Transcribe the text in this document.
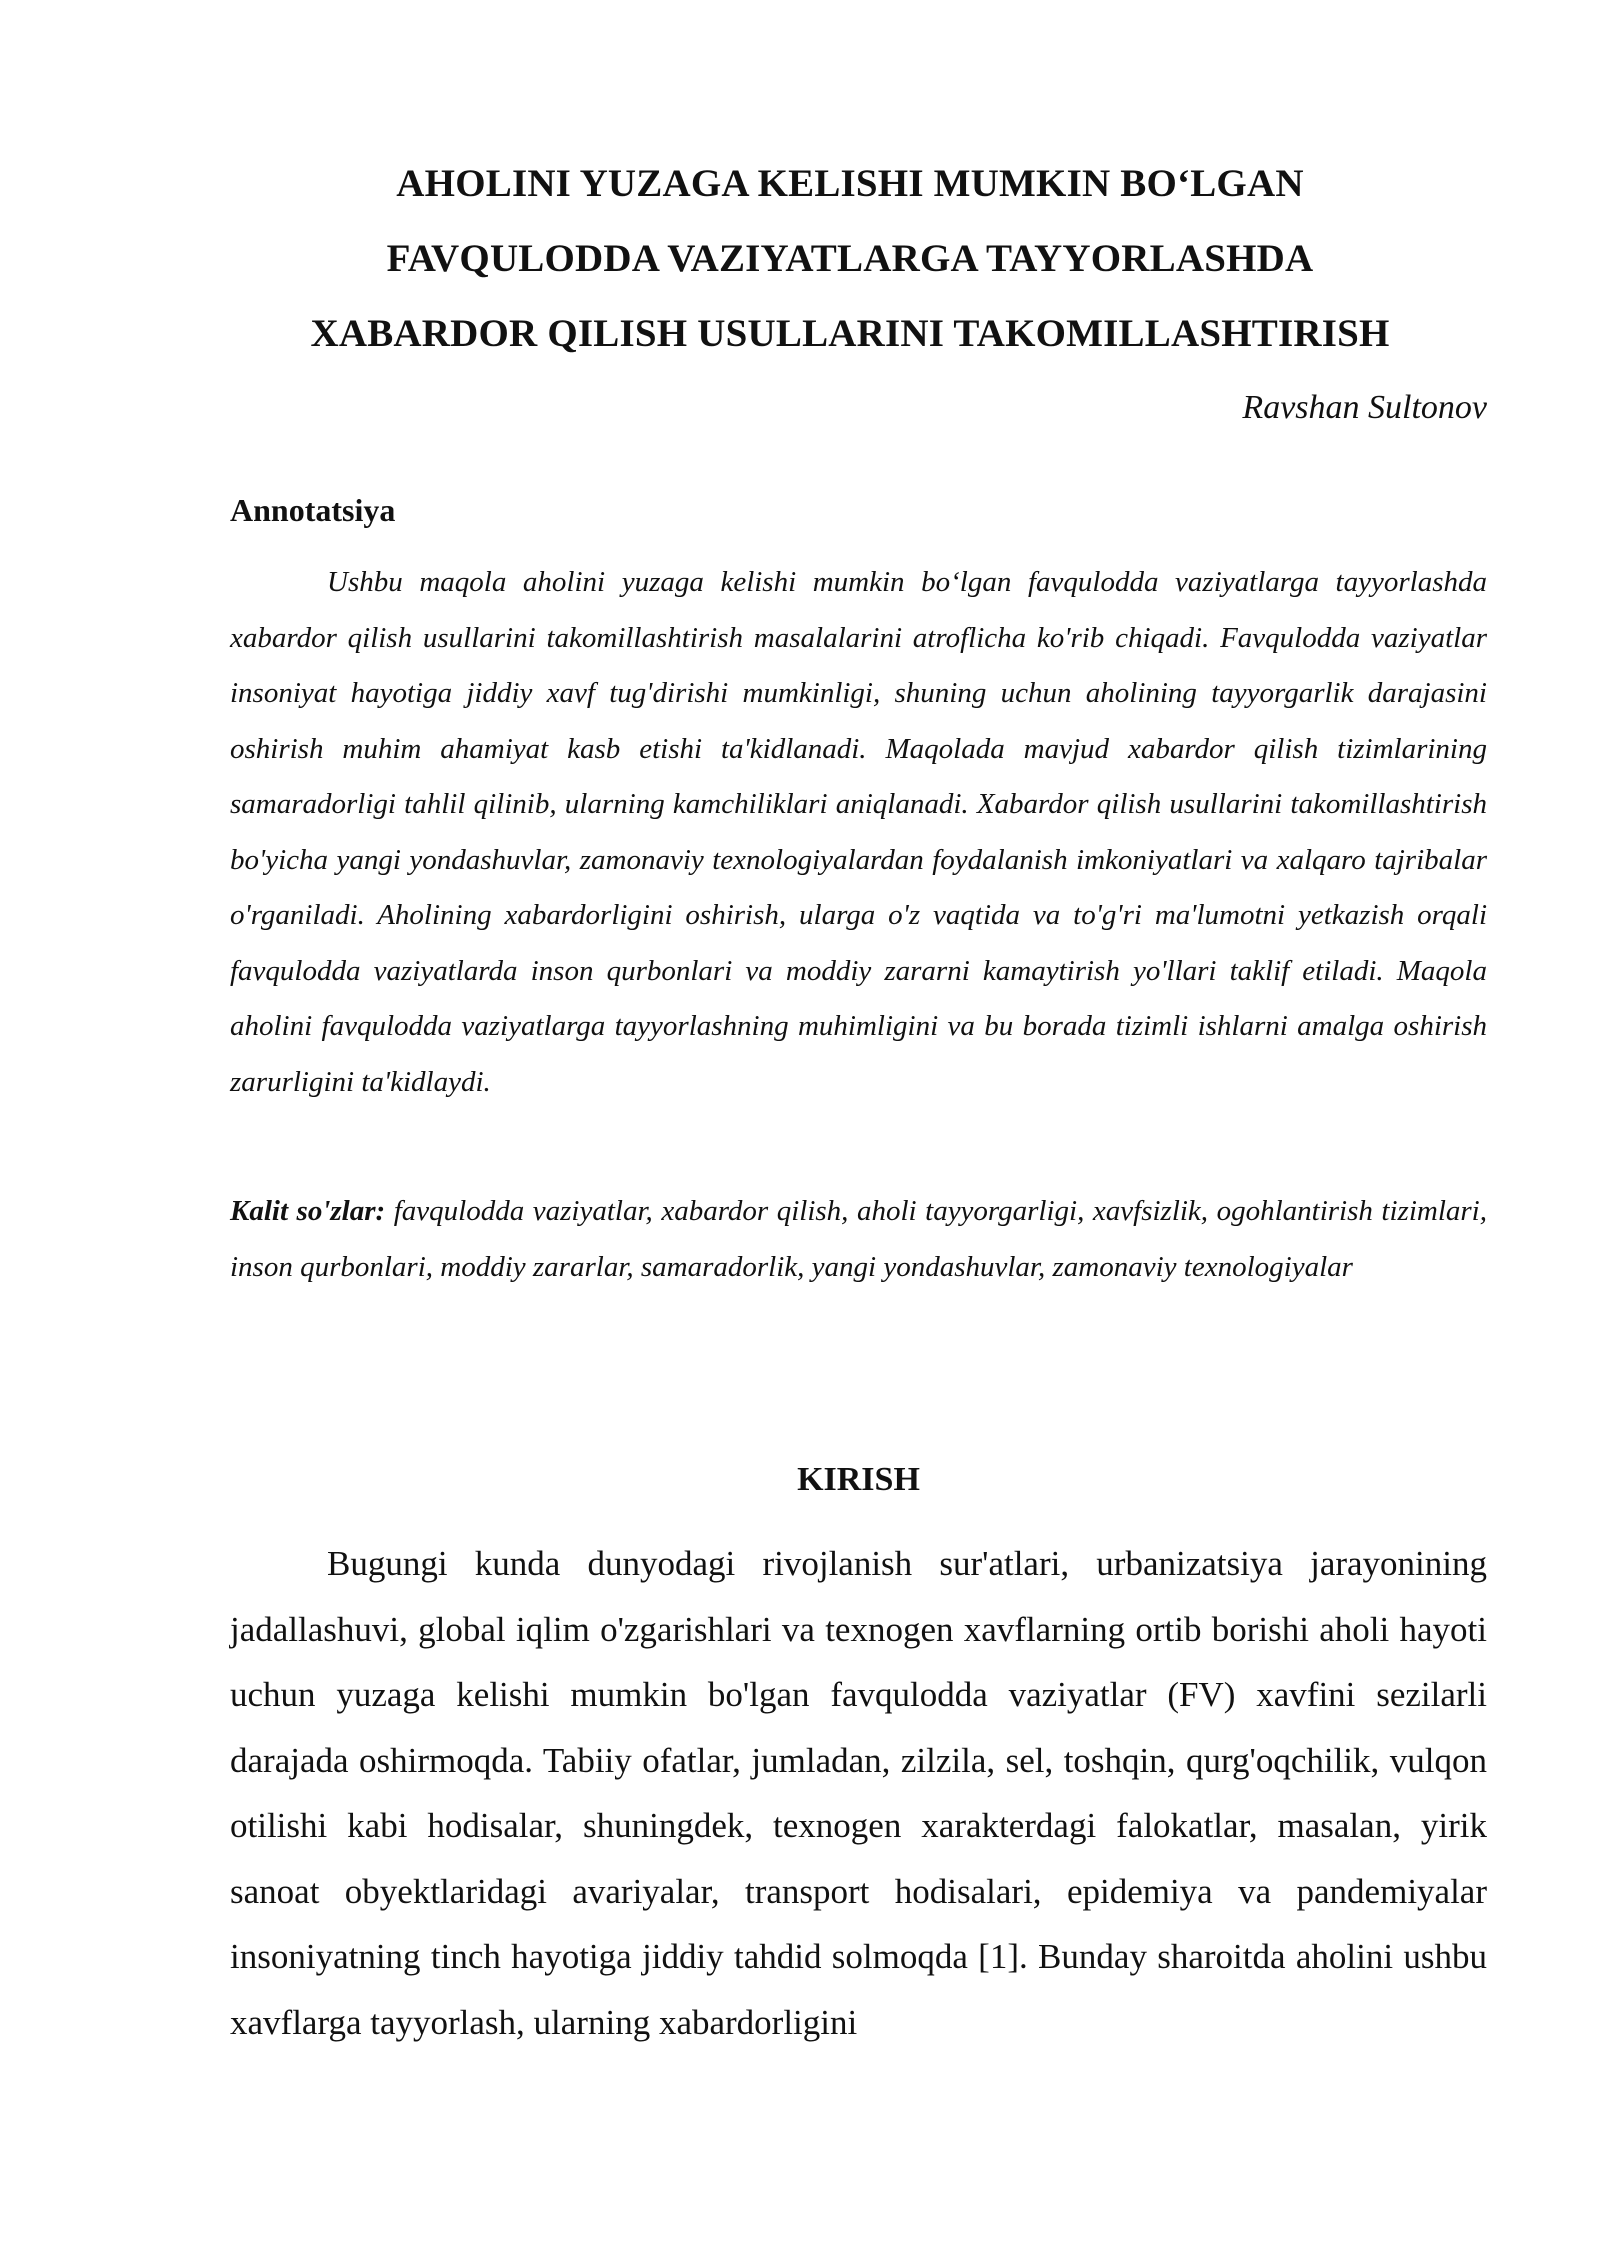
AHOLINI YUZAGA KELISHI MUMKIN BO‘LGAN
FAVQULODDA VAZIYATLARGA TAYYORLASHDA
XABARDOR QILISH USULLARINI TAKOMILLASHTIRISH

Ravshan Sultonov

Annotatsiya

Ushbu maqola aholini yuzaga kelishi mumkin bo‘lgan favqulodda vaziyatlarga tayyorlashda xabardor qilish usullarini takomillashtirish masalalarini atroflicha ko'rib chiqadi. Favqulodda vaziyatlar insoniyat hayotiga jiddiy xavf tug'dirishi mumkinligi, shuning uchun aholining tayyorgarlik darajasini oshirish muhim ahamiyat kasb etishi ta'kidlanadi. Maqolada mavjud xabardor qilish tizimlarining samaradorligi tahlil qilinib, ularning kamchiliklari aniqlanadi. Xabardor qilish usullarini takomillashtirish bo'yicha yangi yondashuvlar, zamonaviy texnologiyalardan foydalanish imkoniyatlari va xalqaro tajribalar o'rganiladi. Aholining xabardorligini oshirish, ularga o'z vaqtida va to'g'ri ma'lumotni yetkazish orqali favqulodda vaziyatlarda inson qurbonlari va moddiy zararni kamaytirish yo'llari taklif etiladi. Maqola aholini favqulodda vaziyatlarga tayyorlashning muhimligini va bu borada tizimli ishlarni amalga oshirish zarurligini ta'kidlaydi.

Kalit so'zlar: favqulodda vaziyatlar, xabardor qilish, aholi tayyorgarligi, xavfsizlik, ogohlantirish tizimlari, inson qurbonlari, moddiy zararlar, samaradorlik, yangi yondashuvlar, zamonaviy texnologiyalar

KIRISH

Bugungi kunda dunyodagi rivojlanish sur'atlari, urbanizatsiya jarayonining jadallashuvi, global iqlim o'zgarishlari va texnogen xavflarning ortib borishi aholi hayoti uchun yuzaga kelishi mumkin bo'lgan favqulodda vaziyatlar (FV) xavfini sezilarli darajada oshirmoqda. Tabiiy ofatlar, jumladan, zilzila, sel, toshqin, qurg'oqchilik, vulqon otilishi kabi hodisalar, shuningdek, texnogen xarakterdagi falokatlar, masalan, yirik sanoat obyektlaridagi avariyalar, transport hodisalari, epidemiya va pandemiyalar insoniyatning tinch hayotiga jiddiy tahdid solmoqda [1]. Bunday sharoitda aholini ushbu xavflarga tayyorlash, ularning xabardorligini
